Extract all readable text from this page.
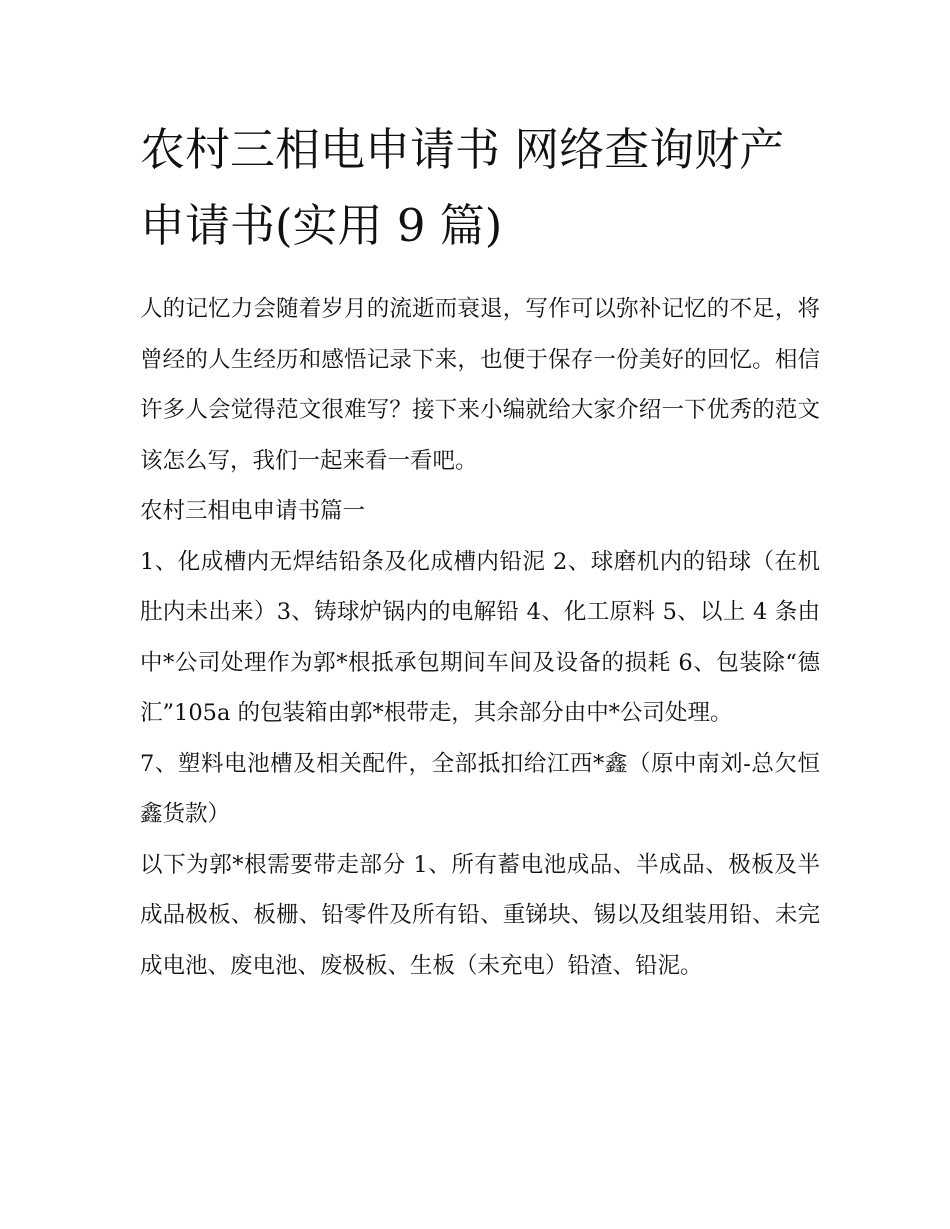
农村三相电申请书 网络查询财产申请书(实用 9 篇)

人的记忆力会随着岁月的流逝而衰退，写作可以弥补记忆的不足，将曾经的人生经历和感悟记录下来，也便于保存一份美好的回忆。相信许多人会觉得范文很难写？接下来小编就给大家介绍一下优秀的范文该怎么写，我们一起来看一看吧。

农村三相电申请书篇一

1、化成槽内无焊结铅条及化成槽内铅泥 2、球磨机内的铅球（在机肚内未出来）3、铸球炉锅内的电解铅 4、化工原料 5、以上 4 条由中*公司处理作为郭*根抵承包期间车间及设备的损耗 6、包装除“德汇”105a 的包装箱由郭*根带走，其余部分由中*公司处理。

7、塑料电池槽及相关配件，全部抵扣给江西*鑫（原中南刘-总欠恒鑫货款）

以下为郭*根需要带走部分 1、所有蓄电池成品、半成品、极板及半成品极板、板栅、铅零件及所有铅、重锑块、锡以及组装用铅、未完成电池、废电池、废极板、生板（未充电）铅渣、铅泥。
